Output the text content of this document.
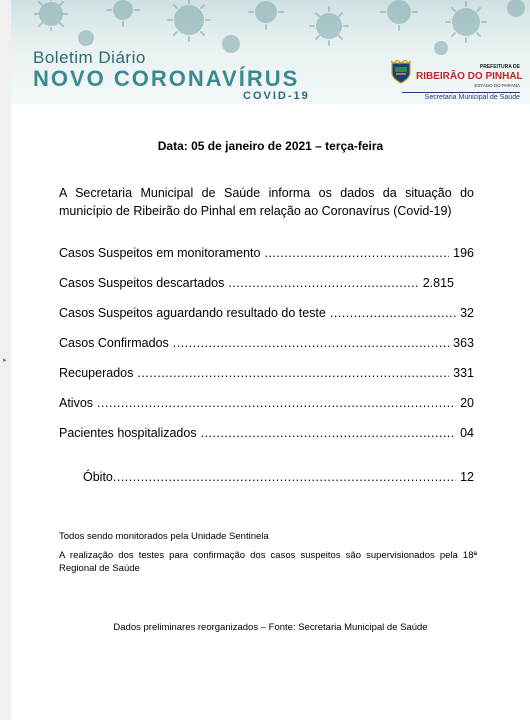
▸
Boletim Diário
NOVO CORONAVÍRUS
COVID-19
PREFEITURA DE
RIBEIRÃO DO PINHAL
ESTADO DO PARANÁ
Secretaria Municipal de Saúde
Data: 05 de janeiro de 2021 – terça-feira
A Secretaria Municipal de Saúde informa os dados da situação do município de Ribeirão do Pinhal em relação ao Coronavírus (Covid-19)
Casos Suspeitos em monitoramento .....	196
Casos Suspeitos descartados .....	2.815
Casos Suspeitos aguardando resultado do teste .....	32
Casos Confirmados .....	363
Recuperados .....	331
Ativos .....	20
Pacientes hospitalizados .....	04
Óbito .....	12
Todos sendo monitorados pela Unidade Sentinela
A realização dos testes para confirmação dos casos suspeitos são supervisionados pela 18ª Regional de Saúde
Dados preliminares reorganizados – Fonte: Secretaria Municipal de Saúde
